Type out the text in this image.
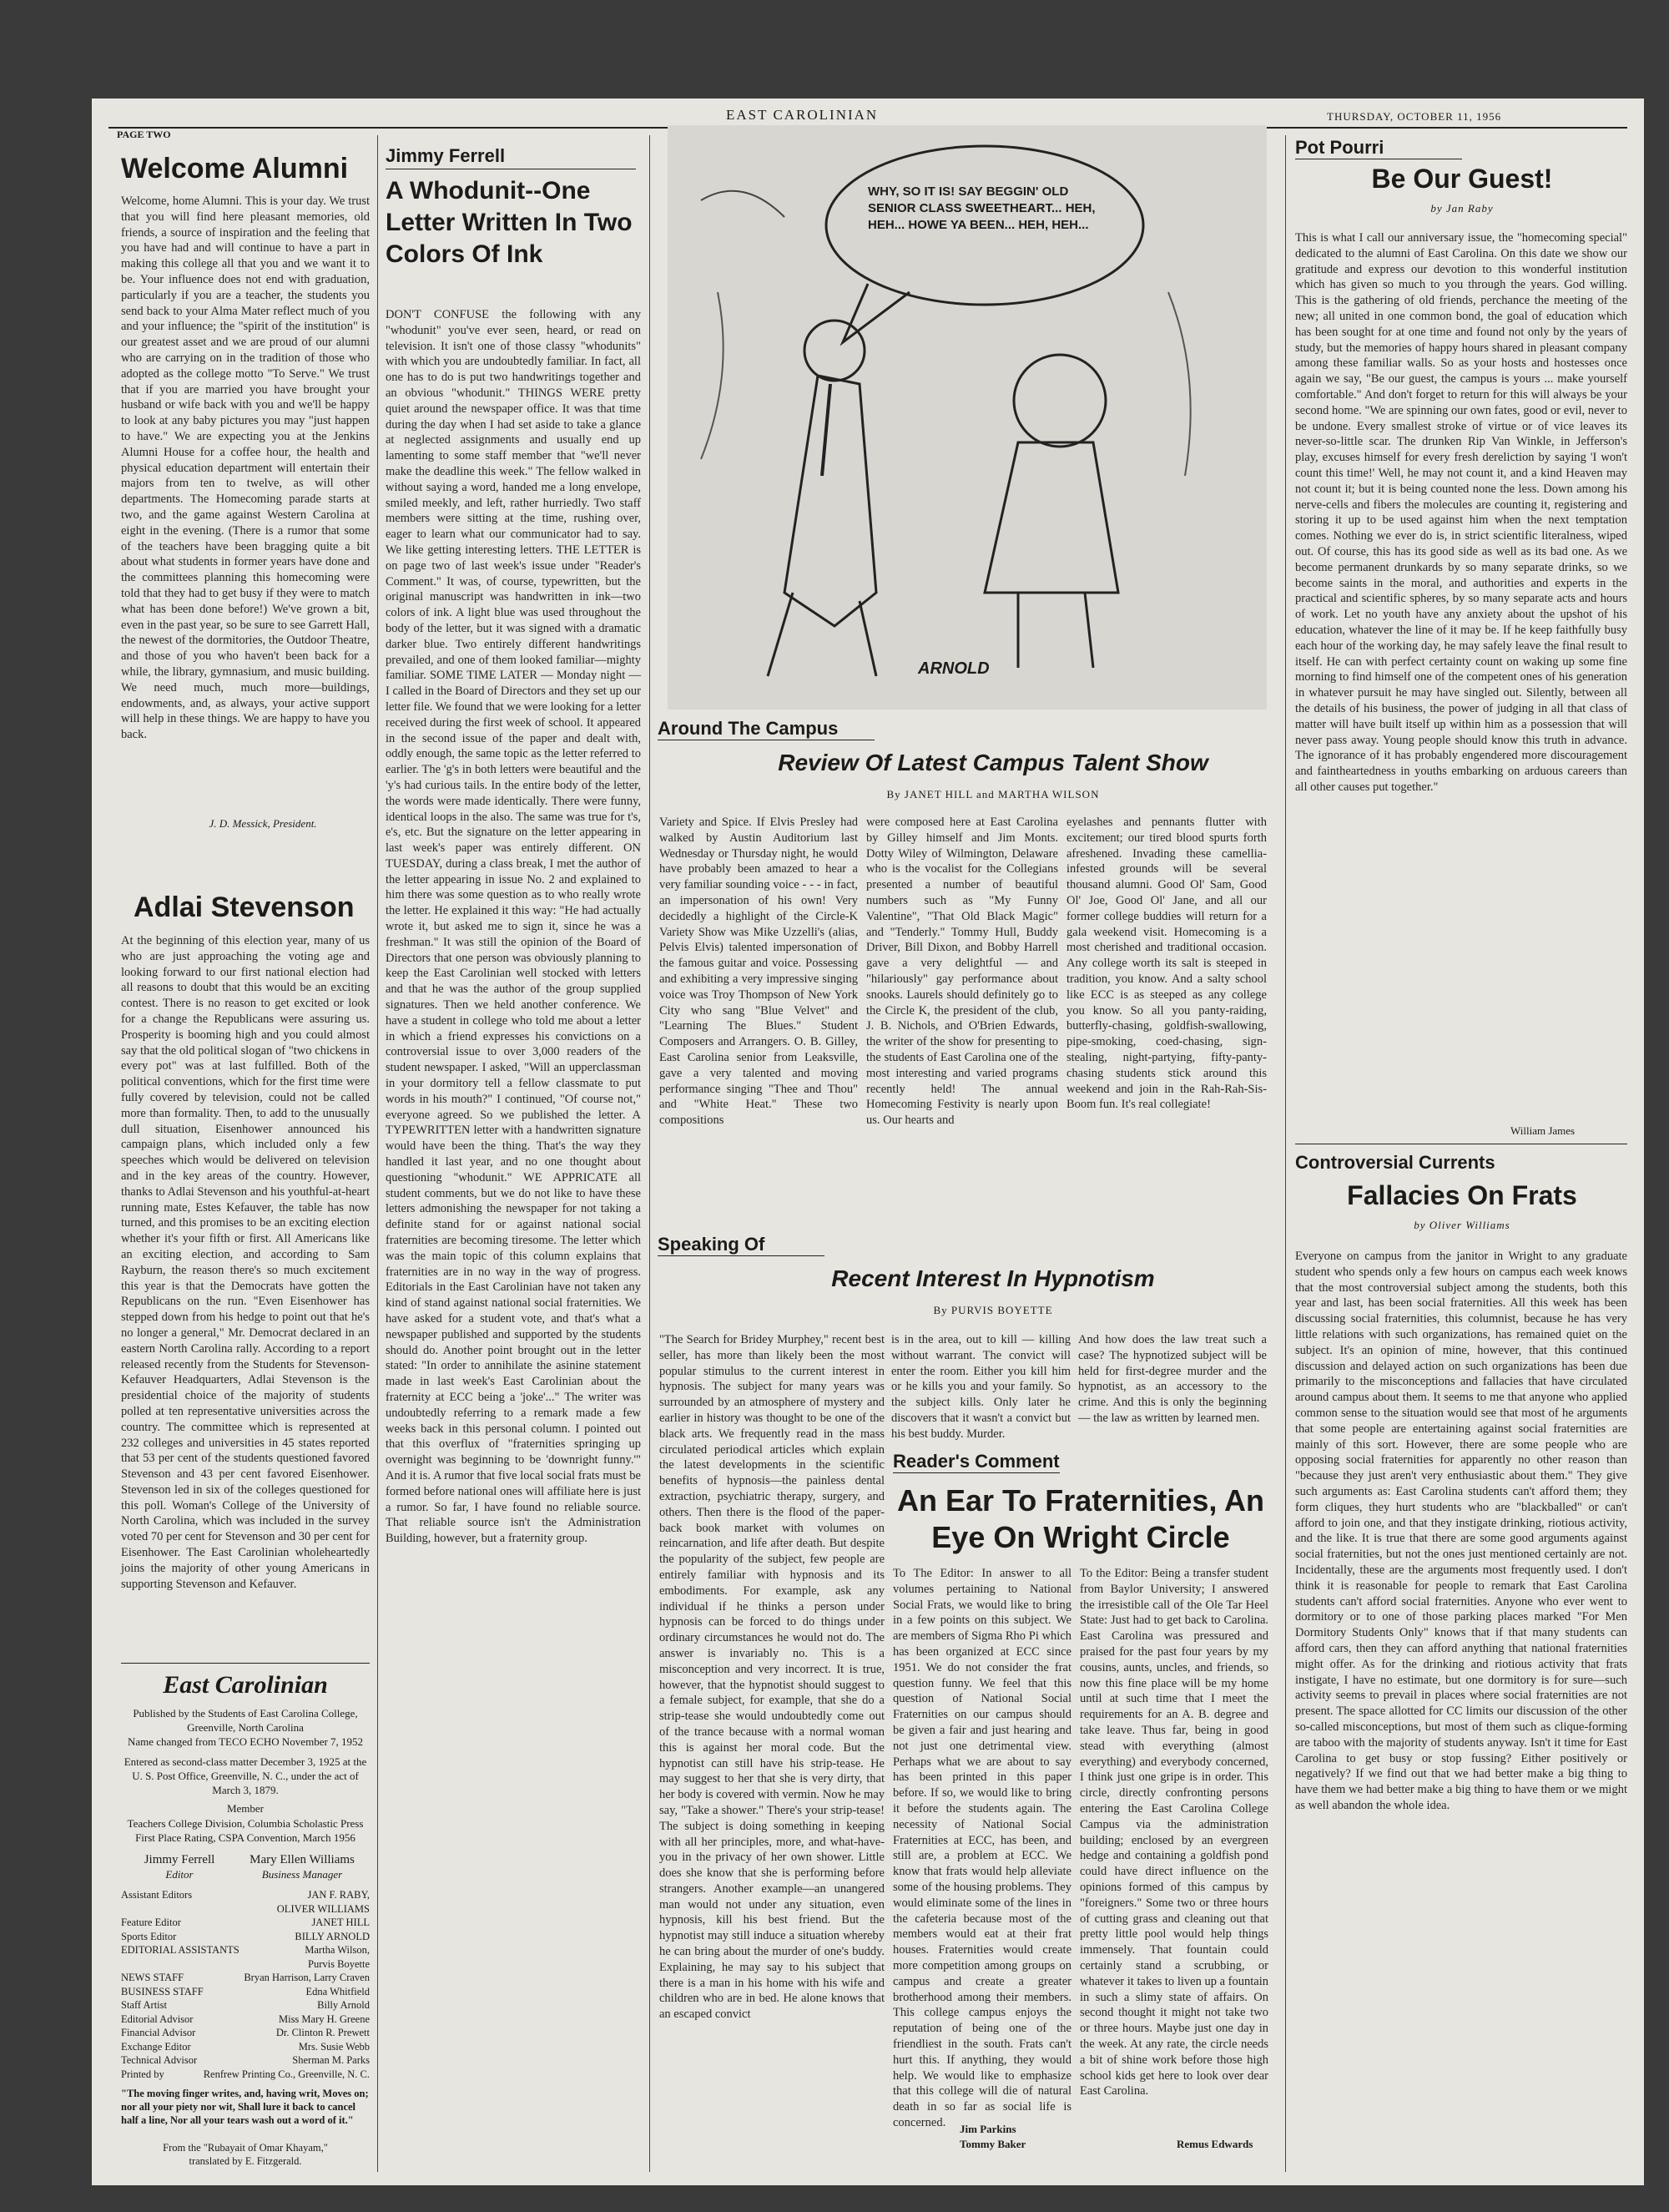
EAST CAROLINIAN	THURSDAY, OCTOBER 11, 1956
PAGE TWO
Welcome Alumni
Welcome, home Alumni. This is your day. We trust that you will find here pleasant memories, old friends, a source of inspiration and the feeling that you have had and will continue to have a part in making this college all that you and we want it to be. Your influence does not end with graduation, particularly if you are a teacher, the students you send back to your Alma Mater reflect much of you and your influence; the "spirit of the institution" is our greatest asset and we are proud of our alumni who are carrying on in the tradition of those who adopted as the college motto "To Serve." We trust that if you are married you have brought your husband or wife back with you and we'll be happy to look at any baby pictures you may "just happen to have." We are expecting you at the Jenkins Alumni House for a coffee hour, the health and physical education department will entertain their majors from ten to twelve, as will other departments. The Homecoming parade starts at two, and the game against Western Carolina at eight in the evening. (There is a rumor that some of the teachers have been bragging quite a bit about what students in former years have done and the committees planning this homecoming were told that they had to get busy if they were to match what has been done before!) We've grown a bit, even in the past year, so be sure to see Garrett Hall, the newest of the dormitories, the Outdoor Theatre, and those of you who haven't been back for a while, the library, gymnasium, and music building. We need much, much more—buildings, endowments, and, as always, your active support will help in these things. We are happy to have you back.
J. D. Messick, President.
Adlai Stevenson
At the beginning of this election year, many of us who are just approaching the voting age and looking forward to our first national election had all reasons to doubt that this would be an exciting contest. There is no reason to get excited or look for a change the Republicans were assuring us. Prosperity is booming high and you could almost say that the old political slogan of "two chickens in every pot" was at last fulfilled. Both of the political conventions, which for the first time were fully covered by television, could not be called more than formality. Then, to add to the unusually dull situation, Eisenhower announced his campaign plans, which included only a few speeches which would be delivered on television and in the key areas of the country. However, thanks to Adlai Stevenson and his youthful-at-heart running mate, Estes Kefauver, the table has now turned, and this promises to be an exciting election whether it's your fifth or first. All Americans like an exciting election, and according to Sam Rayburn, the reason there's so much excitement this year is that the Democrats have gotten the Republicans on the run. "Even Eisenhower has stepped down from his hedge to point out that he's no longer a general," Mr. Democrat declared in an eastern North Carolina rally. According to a report released recently from the Students for Stevenson-Kefauver Headquarters, Adlai Stevenson is the presidential choice of the majority of students polled at ten representative universities across the country. The committee which is represented at 232 colleges and universities in 45 states reported that 53 per cent of the students questioned favored Stevenson and 43 per cent favored Eisenhower. Stevenson led in six of the colleges questioned for this poll. Woman's College of the University of North Carolina, which was included in the survey voted 70 per cent for Stevenson and 30 per cent for Eisenhower. The East Carolinian wholeheartedly joins the majority of other young Americans in supporting Stevenson and Kefauver.
East Carolinian
Published by the Students of East Carolina College, Greenville, North Carolina
Name changed from TECO ECHO November 7, 1952
Entered as second-class matter December 3, 1925 at the U. S. Post Office, Greenville, N. C., under the act of March 3, 1879.
Member
Teachers College Division, Columbia Scholastic Press First Place Rating, CSPA Convention, March 1956
Jimmy Ferrell
Editor
Mary Ellen Williams
Business Manager
Assistant Editors	JAN F. RABY,
OLIVER WILLIAMS
Feature Editor	JANET HILL
Sports Editor	BILLY ARNOLD
EDITORIAL ASSISTANTS	Martha Wilson,
Purvis Boyette
NEWS STAFF	Bryan Harrison, Larry Craven
BUSINESS STAFF	Edna Whitfield
Staff Artist	Billy Arnold
Editorial Advisor	Miss Mary H. Greene
Financial Advisor	Dr. Clinton R. Prewett
Exchange Editor	Mrs. Susie Webb
Technical Advisor	Sherman M. Parks
Printed by	Renfrew Printing Co., Greenville, N. C.
"The moving finger writes, and, having writ, Moves on; nor all your piety nor wit, Shall lure it back to cancel half a line, Nor all your tears wash out a word of it."
From the "Rubayait of Omar Khayam,"
translated by E. Fitzgerald.
Jimmy Ferrell
A Whodunit--One Letter Written In Two Colors Of Ink
DON'T CONFUSE the following with any "whodunit" you've ever seen, heard, or read on television. It isn't one of those classy "whodunits" with which you are undoubtedly familiar. In fact, all one has to do is put two handwritings together and an obvious "whodunit." THINGS WERE pretty quiet around the newspaper office. It was that time during the day when I had set aside to take a glance at neglected assignments and usually end up lamenting to some staff member that "we'll never make the deadline this week." The fellow walked in without saying a word, handed me a long envelope, smiled meekly, and left, rather hurriedly. Two staff members were sitting at the time, rushing over, eager to learn what our communicator had to say. We like getting interesting letters. THE LETTER is on page two of last week's issue under "Reader's Comment." It was, of course, typewritten, but the original manuscript was handwritten in ink—two colors of ink. A light blue was used throughout the body of the letter, but it was signed with a dramatic darker blue. Two entirely different handwritings prevailed, and one of them looked familiar—mighty familiar. SOME TIME LATER — Monday night — I called in the Board of Directors and they set up our letter file. We found that we were looking for a letter received during the first week of school. It appeared in the second issue of the paper and dealt with, oddly enough, the same topic as the letter referred to earlier. The 'g's in both letters were beautiful and the 'y's had curious tails. In the entire body of the letter, the words were made identically. There were funny, identical loops in the also. The same was true for t's, e's, etc. But the signature on the letter appearing in last week's paper was entirely different. ON TUESDAY, during a class break, I met the author of the letter appearing in issue No. 2 and explained to him there was some question as to who really wrote the letter. He explained it this way: "He had actually wrote it, but asked me to sign it, since he was a freshman." It was still the opinion of the Board of Directors that one person was obviously planning to keep the East Carolinian well stocked with letters and that he was the author of the group supplied signatures. Then we held another conference. We have a student in college who told me about a letter in which a friend expresses his convictions on a controversial issue to over 3,000 readers of the student newspaper. I asked, "Will an upperclassman in your dormitory tell a fellow classmate to put words in his mouth?" I continued, "Of course not," everyone agreed. So we published the letter. A TYPEWRITTEN letter with a handwritten signature would have been the thing. That's the way they handled it last year, and no one thought about questioning "whodunit." WE APPRICATE all student comments, but we do not like to have these letters admonishing the newspaper for not taking a definite stand for or against national social fraternities are becoming tiresome. The letter which was the main topic of this column explains that fraternities are in no way in the way of progress. Editorials in the East Carolinian have not taken any kind of stand against national social fraternities. We have asked for a student vote, and that's what a newspaper published and supported by the students should do. Another point brought out in the letter stated: "In order to annihilate the asinine statement made in last week's East Carolinian about the fraternity at ECC being a 'joke'..." The writer was undoubtedly referring to a remark made a few weeks back in this personal column. I pointed out that this overflux of "fraternities springing up overnight was beginning to be 'downright funny.'" And it is. A rumor that five local social frats must be formed before national ones will affiliate here is just a rumor. So far, I have found no reliable source. That reliable source isn't the Administration Building, however, but a fraternity group.
WHY, SO IT IS! SAY BEGGIN' OLD SENIOR CLASS SWEETHEART... HEH, HEH... HOWE YA BEEN... HEH, HEH...
ARNOLD
Around The Campus
Review Of Latest Campus Talent Show
By JANET HILL and MARTHA WILSON
Variety and Spice. If Elvis Presley had walked by Austin Auditorium last Wednesday or Thursday night, he would have probably been amazed to hear a very familiar sounding voice - - - in fact, an impersonation of his own! Very decidedly a highlight of the Circle-K Variety Show was Mike Uzzelli's (alias, Pelvis Elvis) talented impersonation of the famous guitar and voice. Possessing and exhibiting a very impressive singing voice was Troy Thompson of New York City who sang "Blue Velvet" and "Learning The Blues." Student Composers and Arrangers. O. B. Gilley, East Carolina senior from Leaksville, gave a very talented and moving performance singing "Thee and Thou" and "White Heat." These two compositions
were composed here at East Carolina by Gilley himself and Jim Monts. Dotty Wiley of Wilmington, Delaware who is the vocalist for the Collegians presented a number of beautiful numbers such as "My Funny Valentine", "That Old Black Magic" and "Tenderly." Tommy Hull, Buddy Driver, Bill Dixon, and Bobby Harrell gave a very delightful — and "hilariously" gay performance about snooks. Laurels should definitely go to the Circle K, the president of the club, J. B. Nichols, and O'Brien Edwards, the writer of the show for presenting to the students of East Carolina one of the most interesting and varied programs recently held! The annual Homecoming Festivity is nearly upon us. Our hearts and
eyelashes and pennants flutter with excitement; our tired blood spurts forth afreshened. Invading these camellia-infested grounds will be several thousand alumni. Good Ol' Sam, Good Ol' Joe, Good Ol' Jane, and all our former college buddies will return for a gala weekend visit. Homecoming is a most cherished and traditional occasion. Any college worth its salt is steeped in tradition, you know. And a salty school like ECC is as steeped as any college you know. So all you panty-raiding, butterfly-chasing, goldfish-swallowing, pipe-smoking, coed-chasing, sign-stealing, night-partying, fifty-panty-chasing students stick around this weekend and join in the Rah-Rah-Sis-Boom fun. It's real collegiate!
Speaking Of
Recent Interest In Hypnotism
By PURVIS BOYETTE
"The Search for Bridey Murphey," recent best seller, has more than likely been the most popular stimulus to the current interest in hypnosis. The subject for many years was surrounded by an atmosphere of mystery and earlier in history was thought to be one of the black arts. We frequently read in the mass circulated periodical articles which explain the latest developments in the scientific benefits of hypnosis—the painless dental extraction, psychiatric therapy, surgery, and others. Then there is the flood of the paper-back book market with volumes on reincarnation, and life after death. But despite the popularity of the subject, few people are entirely familiar with hypnosis and its embodiments. For example, ask any individual if he thinks a person under hypnosis can be forced to do things under ordinary circumstances he would not do. The answer is invariably no. This is a misconception and very incorrect. It is true, however, that the hypnotist should suggest to a female subject, for example, that she do a strip-tease she would undoubtedly come out of the trance because with a normal woman this is against her moral code. But the hypnotist can still have his strip-tease. He may suggest to her that she is very dirty, that her body is covered with vermin. Now he may say, "Take a shower." There's your strip-tease! The subject is doing something in keeping with all her principles, more, and what-have-you in the privacy of her own shower. Little does she know that she is performing before strangers. Another example—an unangered man would not under any situation, even hypnosis, kill his best friend. But the hypnotist may still induce a situation whereby he can bring about the murder of one's buddy. Explaining, he may say to his subject that there is a man in his home with his wife and children who are in bed. He alone knows that an escaped convict
is in the area, out to kill — killing without warrant. The convict will enter the room. Either you kill him or he kills you and your family. So the subject kills. Only later he discovers that it wasn't a convict but his best buddy. Murder.
And how does the law treat such a case? The hypnotized subject will be held for first-degree murder and the hypnotist, as an accessory to the crime. And this is only the beginning — the law as written by learned men.
Reader's Comment
An Ear To Fraternities, An Eye On Wright Circle
To The Editor: In answer to all volumes pertaining to National Social Frats, we would like to bring in a few points on this subject. We are members of Sigma Rho Pi which has been organized at ECC since 1951. We do not consider the frat question funny. We feel that this question of National Social Fraternities on our campus should be given a fair and just hearing and not just one detrimental view. Perhaps what we are about to say has been printed in this paper before. If so, we would like to bring it before the students again. The necessity of National Social Fraternities at ECC, has been, and still are, a problem at ECC. We know that frats would help alleviate some of the housing problems. They would eliminate some of the lines in the cafeteria because most of the members would eat at their frat houses. Fraternities would create more competition among groups on campus and create a greater brotherhood among their members. This college campus enjoys the reputation of being one of the friendliest in the south. Frats can't hurt this. If anything, they would help. We would like to emphasize that this college will die of natural death in so far as social life is concerned.	Jim Parkins
Tommy Baker
To the Editor: Being a transfer student from Baylor University; I answered the irresistible call of the Ole Tar Heel State: Just had to get back to Carolina. East Carolina was pressured and praised for the past four years by my cousins, aunts, uncles, and friends, so now this fine place will be my home until at such time that I meet the requirements for an A. B. degree and take leave. Thus far, being in good stead with everything (almost everything) and everybody concerned, I think just one gripe is in order. This circle, directly confronting persons entering the East Carolina College Campus via the administration building; enclosed by an evergreen hedge and containing a goldfish pond could have direct influence on the opinions formed of this campus by "foreigners." Some two or three hours of cutting grass and cleaning out that pretty little pool would help things immensely. That fountain could certainly stand a scrubbing, or whatever it takes to liven up a fountain in such a slimy state of affairs. On second thought it might not take two or three hours. Maybe just one day in the week. At any rate, the circle needs a bit of shine work before those high school kids get here to look over dear East Carolina.
Remus Edwards
Pot Pourri
Be Our Guest!
by Jan Raby
This is what I call our anniversary issue, the "homecoming special" dedicated to the alumni of East Carolina. On this date we show our gratitude and express our devotion to this wonderful institution which has given so much to you through the years. God willing. This is the gathering of old friends, perchance the meeting of the new; all united in one common bond, the goal of education which has been sought for at one time and found not only by the years of study, but the memories of happy hours shared in pleasant company among these familiar walls. So as your hosts and hostesses once again we say, "Be our guest, the campus is yours ... make yourself comfortable." And don't forget to return for this will always be your second home. "We are spinning our own fates, good or evil, never to be undone. Every smallest stroke of virtue or of vice leaves its never-so-little scar. The drunken Rip Van Winkle, in Jefferson's play, excuses himself for every fresh dereliction by saying 'I won't count this time!' Well, he may not count it, and a kind Heaven may not count it; but it is being counted none the less. Down among his nerve-cells and fibers the molecules are counting it, registering and storing it up to be used against him when the next temptation comes. Nothing we ever do is, in strict scientific literalness, wiped out. Of course, this has its good side as well as its bad one. As we become permanent drunkards by so many separate drinks, so we become saints in the moral, and authorities and experts in the practical and scientific spheres, by so many separate acts and hours of work. Let no youth have any anxiety about the upshot of his education, whatever the line of it may be. If he keep faithfully busy each hour of the working day, he may safely leave the final result to itself. He can with perfect certainty count on waking up some fine morning to find himself one of the competent ones of his generation in whatever pursuit he may have singled out. Silently, between all the details of his business, the power of judging in all that class of matter will have built itself up within him as a possession that will never pass away. Young people should know this truth in advance. The ignorance of it has probably engendered more discouragement and faintheartedness in youths embarking on arduous careers than all other causes put together."
William James
Controversial Currents
Fallacies On Frats
by Oliver Williams
Everyone on campus from the janitor in Wright to any graduate student who spends only a few hours on campus each week knows that the most controversial subject among the students, both this year and last, has been social fraternities. All this week has been discussing social fraternities, this columnist, because he has very little relations with such organizations, has remained quiet on the subject. It's an opinion of mine, however, that this continued discussion and delayed action on such organizations has been due primarily to the misconceptions and fallacies that have circulated around campus about them. It seems to me that anyone who applied common sense to the situation would see that most of he arguments that some people are entertaining against social fraternities are mainly of this sort. However, there are some people who are opposing social fraternities for apparently no other reason than "because they just aren't very enthusiastic about them." They give such arguments as: East Carolina students can't afford them; they form cliques, they hurt students who are "blackballed" or can't afford to join one, and that they instigate drinking, riotious activity, and the like. It is true that there are some good arguments against social fraternities, but not the ones just mentioned certainly are not. Incidentally, these are the arguments most frequently used. I don't think it is reasonable for people to remark that East Carolina students can't afford social fraternities. Anyone who ever went to dormitory or to one of those parking places marked "For Men Dormitory Students Only" knows that if that many students can afford cars, then they can afford anything that national fraternities might offer. As for the drinking and riotious activity that frats instigate, I have no estimate, but one dormitory is for sure—such activity seems to prevail in places where social fraternities are not present. The space allotted for CC limits our discussion of the other so-called misconceptions, but most of them such as clique-forming are taboo with the majority of students anyway. Isn't it time for East Carolina to get busy or stop fussing? Either positively or negatively? If we find out that we had better make a big thing to have them we had better make a big thing to have them or we might as well abandon the whole idea.
